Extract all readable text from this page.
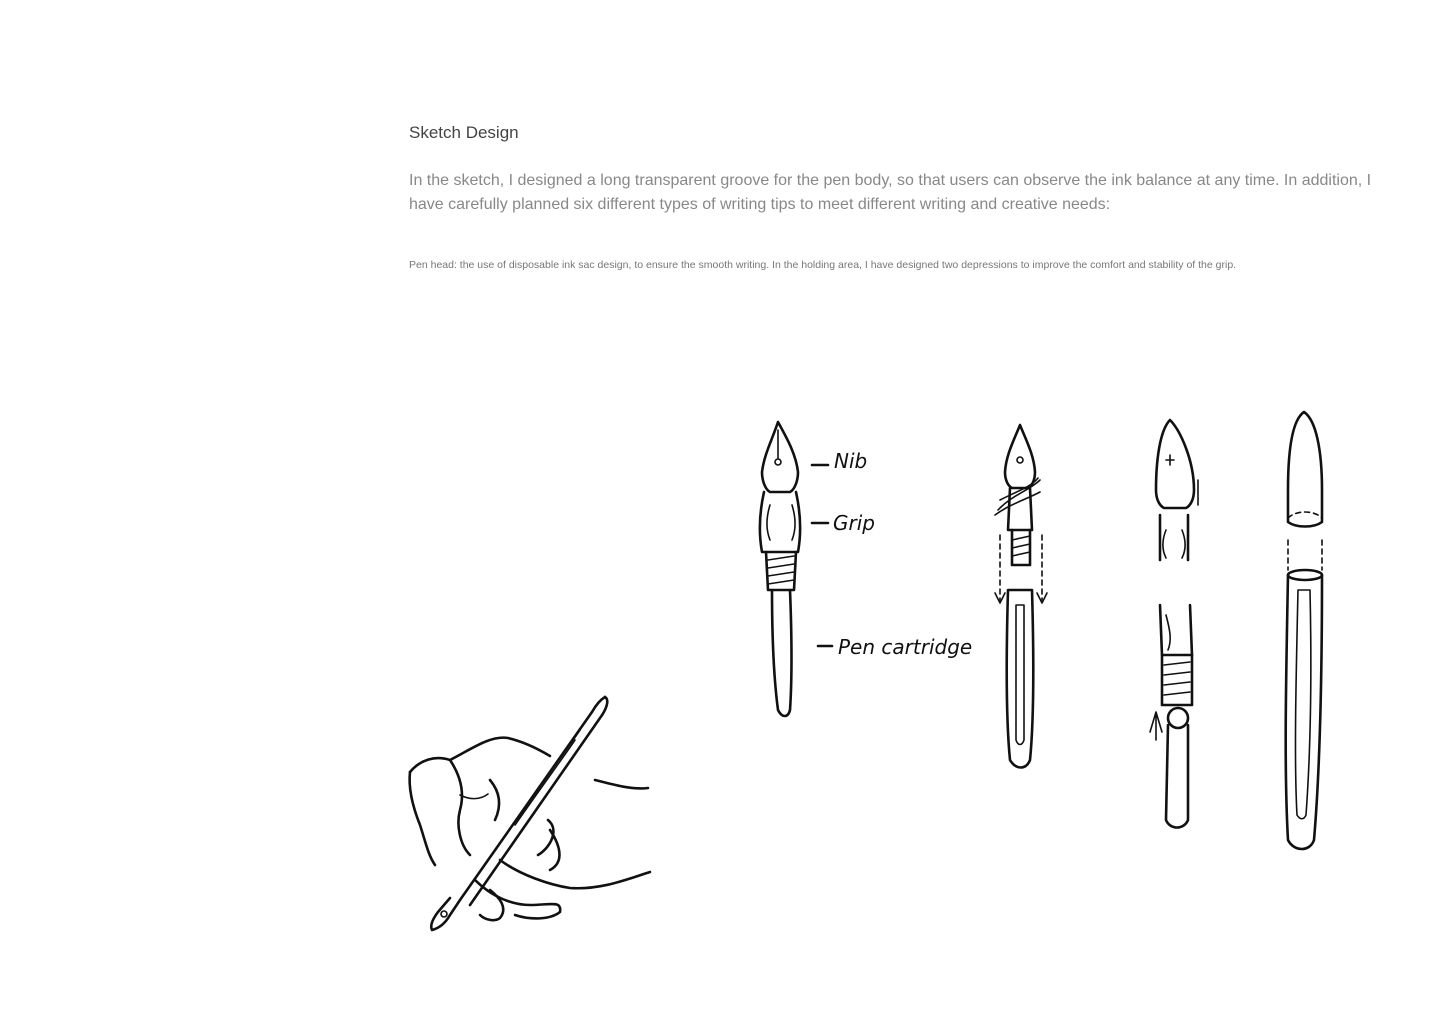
Sketch Design

In the sketch, I designed a long transparent groove for the pen body, so that users can observe the ink balance at any time. In addition, I have carefully planned six different types of writing tips to meet different writing and creative needs:

Pen head: the use of disposable ink sac design, to ensure the smooth writing. In the holding area, I have designed two depressions to improve the comfort and stability of the grip.

Nib
Grip
Pen cartridge
